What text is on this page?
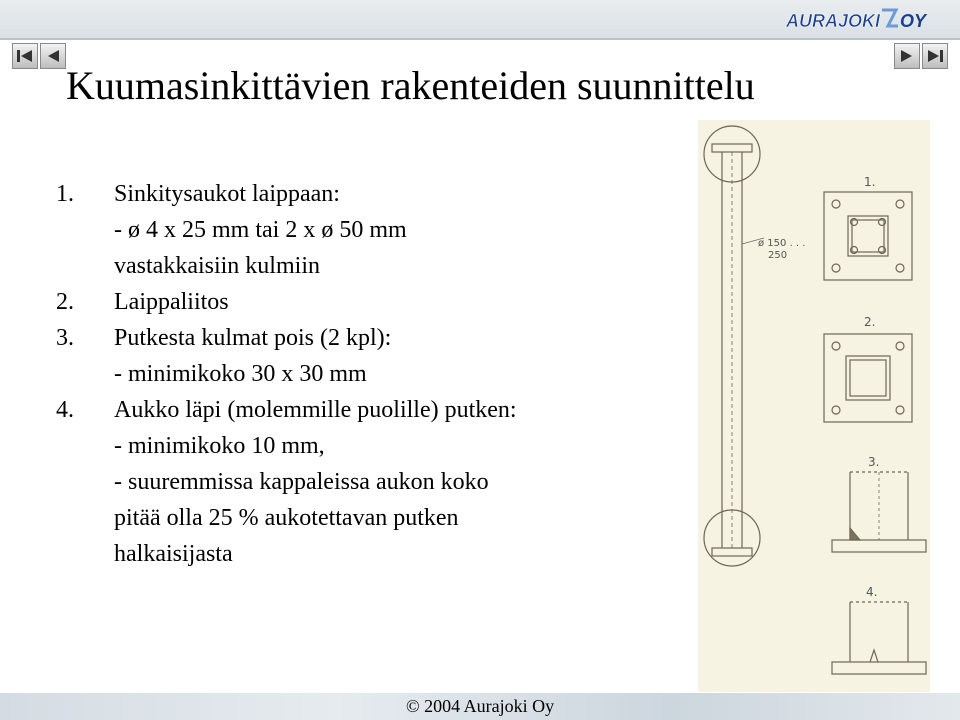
AURAJOKI OY
Kuumasinkittävien rakenteiden suunnittelu
1.	Sinkitysaukot laippaan:
- ø 4 x 25 mm tai 2 x ø 50 mm
vastakkaisiin kulmiin
2.	Laippaliitos
3.	Putkesta kulmat pois (2 kpl):
- minimikoko 30 x 30 mm
4.	Aukko läpi (molemmille puolille) putken:
- minimikoko 10 mm,
- suuremmissa kappaleissa aukon koko
pitää olla 25 % aukotettavan putken
halkaisijasta
1.
ø 150 . . .
250
2.
3.
4.
© 2004 Aurajoki Oy
